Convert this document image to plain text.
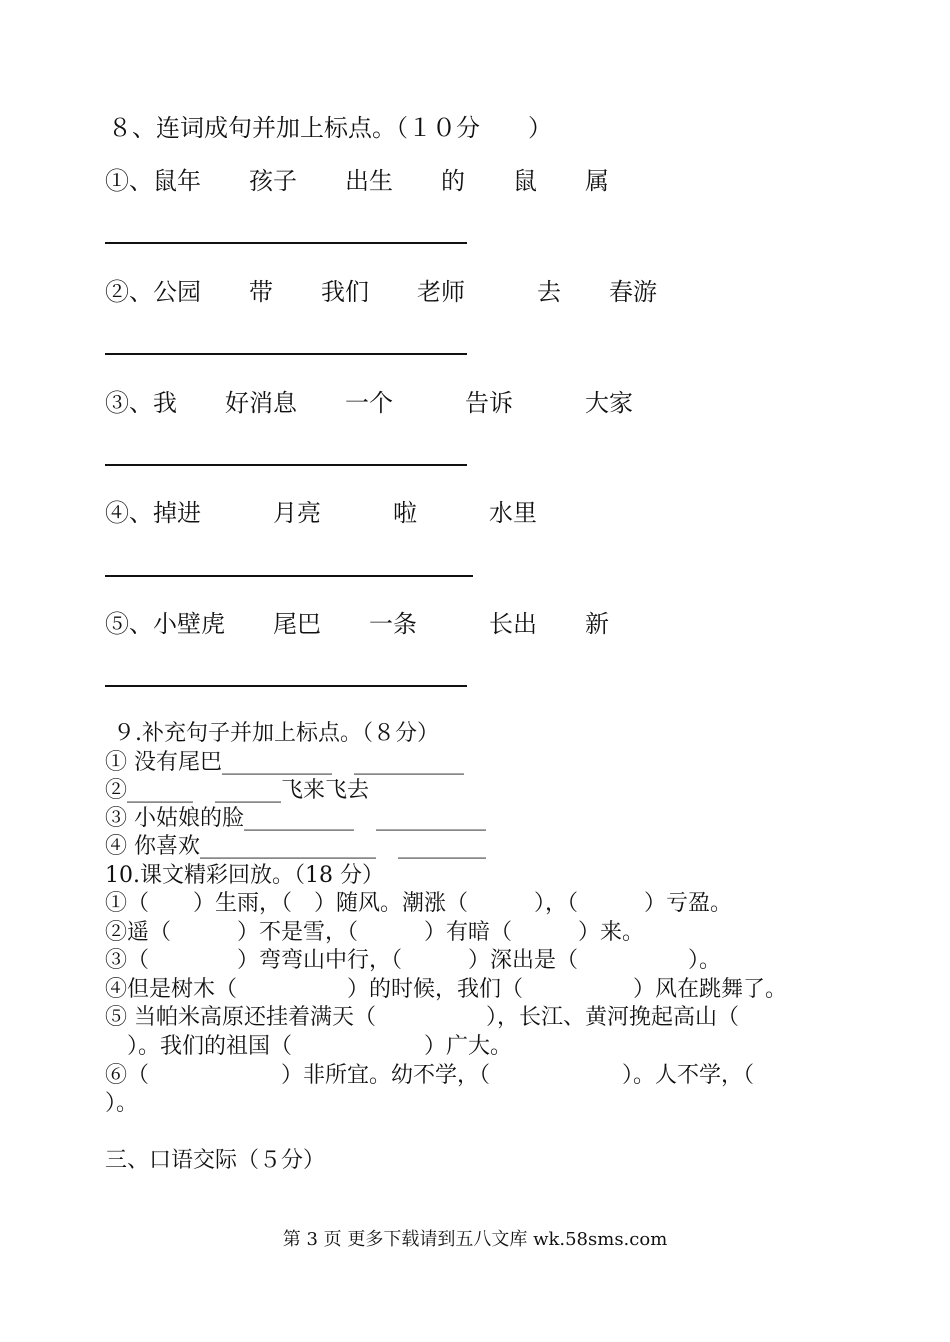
８、连词成句并加上标点。（１０分　　）
①、鼠年　　孩子　　出生　　的　　鼠　　属
②、公园　　带　　我们　　老师　　　去　　春游
③、我　　好消息　　一个　　　告诉　　　大家
④、掉进　　　月亮　　　啦　　　水里
⑤、小壁虎　　尾巴　　一条　　　长出　　新
９.补充句子并加上标点。（８分）
① 没有尾巴__________　__________
②______　______飞来飞去
③ 小姑娘的脸__________　__________
④ 你喜欢________________　________
10.课文精彩回放。（18 分）
①（　　）生雨，（　）随风。潮涨（　　　），（　　　）亏盈。
②遥（　　　）不是雪，（　　　）有暗（　　　）来。
③（　　　　）弯弯山中行，（　　　）深出是（　　　　　）。
④但是树木（　　　　　）的时候，我们（　　　　　）风在跳舞了。
⑤ 当帕米高原还挂着满天（　　　　　），长江、黄河挽起高山（
　）。我们的祖国（　　　　　　）广大。
⑥（　　　　　　）非所宜。幼不学，（　　　　　　）。人不学，（
）。
三、口语交际（５分）
第 3 页 更多下载请到五八文库 wk.58sms.com
